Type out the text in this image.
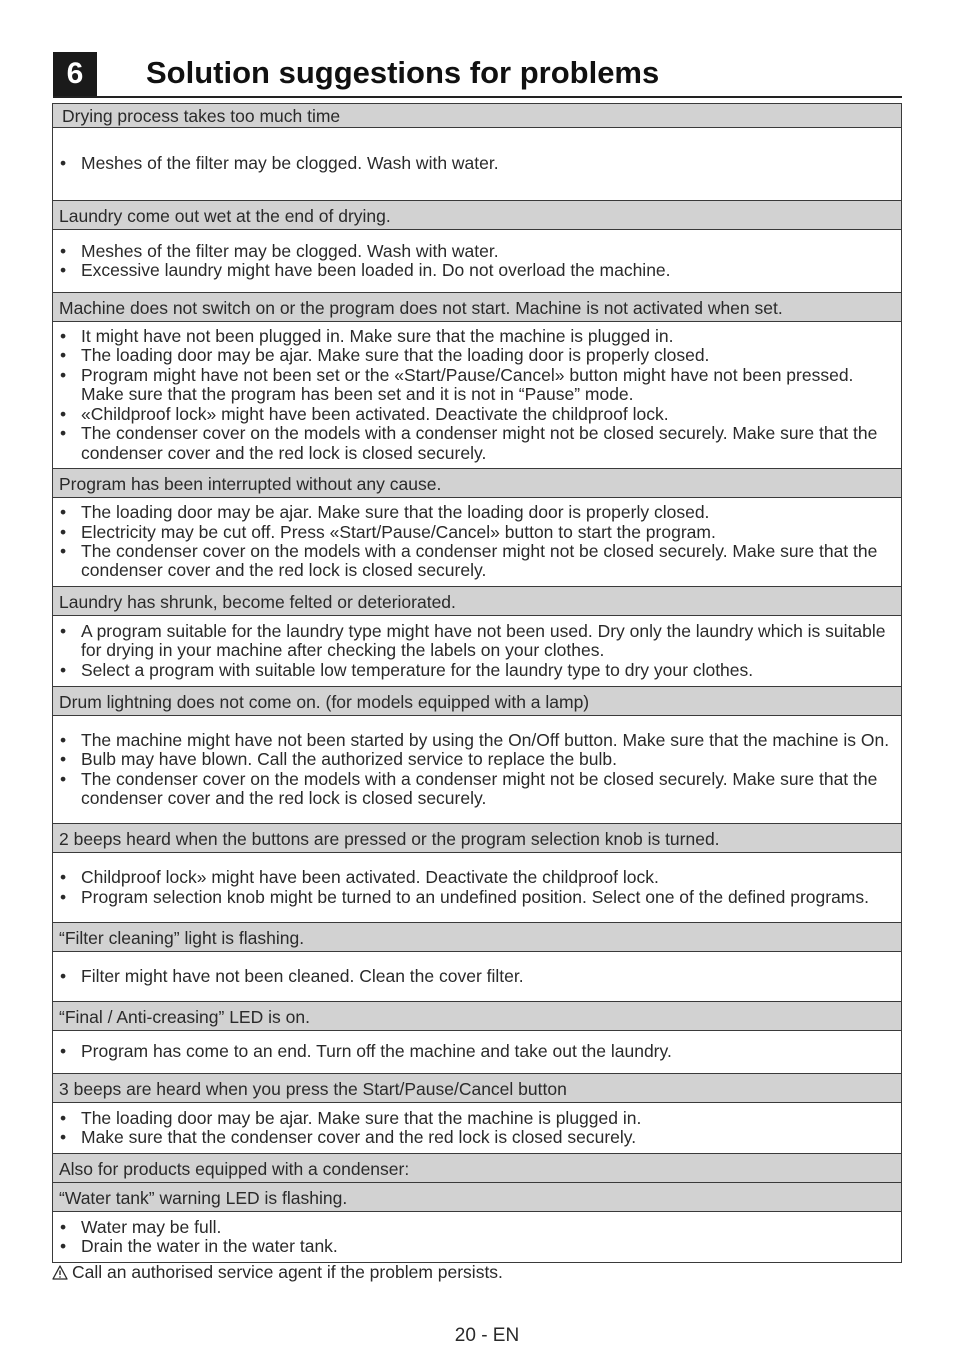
6	Solution suggestions for problems
Drying process takes too much time
• Meshes of the filter may be clogged. Wash with water.
Laundry come out wet at the end of drying.
• Meshes of the filter may be clogged. Wash with water.
• Excessive laundry might have been loaded in. Do not overload the machine.
Machine does not switch on or the program does not start. Machine is not activated when set.
• It might have not been plugged in. Make sure that the machine is plugged in.
• The loading door may be ajar. Make sure that the loading door is properly closed.
• Program might have not been set or the «Start/Pause/Cancel» button might have not been pressed. Make sure that the program has been set and it is not in “Pause” mode.
• «Childproof lock» might have been activated. Deactivate the childproof lock.
• The condenser cover on the models with a condenser might not be closed securely. Make sure that the condenser cover and the red lock is closed securely.
Program has been interrupted without any cause.
• The loading door may be ajar. Make sure that the loading door is properly closed.
• Electricity may be cut off. Press «Start/Pause/Cancel» button to start the program.
• The condenser cover on the models with a condenser might not be closed securely. Make sure that the condenser cover and the red lock is closed securely.
Laundry has shrunk, become felted or deteriorated.
• A program suitable for the laundry type might have not been used. Dry only the laundry which is suitable for drying in your machine after checking the labels on your clothes.
• Select a program with suitable low temperature for the laundry type to dry your clothes.
Drum lightning does not come on. (for models equipped with a lamp)
• The machine might have not been started by using the On/Off button. Make sure that the machine is On.
• Bulb may have blown. Call the authorized service to replace the bulb.
• The condenser cover on the models with a condenser might not be closed securely. Make sure that the condenser cover and the red lock is closed securely.
2 beeps heard when the buttons are pressed or the program selection knob is turned.
• Childproof lock» might have been activated. Deactivate the childproof lock.
• Program selection knob might be turned to an undefined position. Select one of the defined programs.
“Filter cleaning” light is flashing.
• Filter might have not been cleaned. Clean the cover filter.
“Final / Anti-creasing” LED is on.
• Program has come to an end. Turn off the machine and take out the laundry.
3 beeps are heard when you press the Start/Pause/Cancel button
• The loading door may be ajar. Make sure that the machine is plugged in.
• Make sure that the condenser cover and the red lock is closed securely.
Also for products equipped with a condenser:
“Water tank” warning LED is flashing.
• Water may be full.
• Drain the water in the water tank.
Call an authorised service agent if the problem persists.
20 - EN
